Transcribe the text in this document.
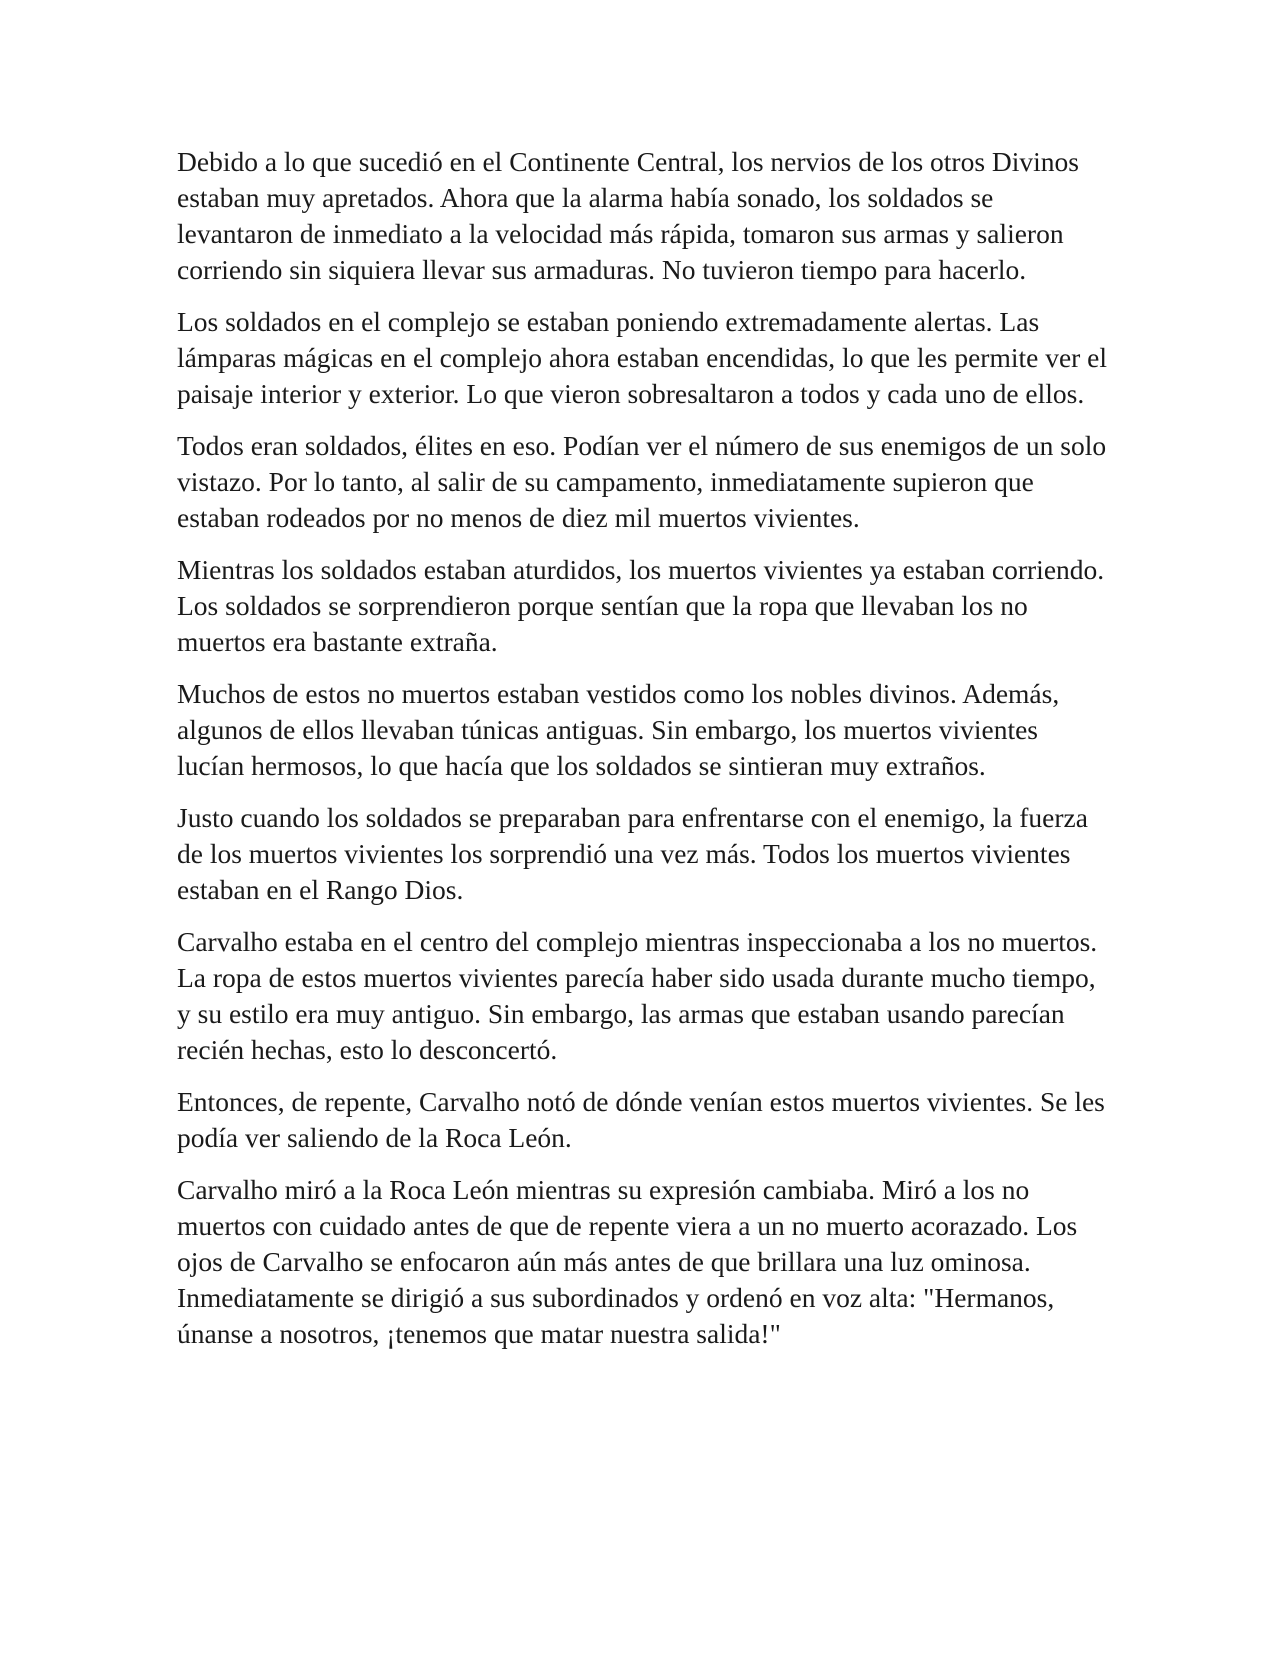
Debido a lo que sucedió en el Continente Central, los nervios de los otros Divinos estaban muy apretados. Ahora que la alarma había sonado, los soldados se levantaron de inmediato a la velocidad más rápida, tomaron sus armas y salieron corriendo sin siquiera llevar sus armaduras. No tuvieron tiempo para hacerlo.

Los soldados en el complejo se estaban poniendo extremadamente alertas. Las lámparas mágicas en el complejo ahora estaban encendidas, lo que les permite ver el paisaje interior y exterior. Lo que vieron sobresaltaron a todos y cada uno de ellos.

Todos eran soldados, élites en eso. Podían ver el número de sus enemigos de un solo vistazo. Por lo tanto, al salir de su campamento, inmediatamente supieron que estaban rodeados por no menos de diez mil muertos vivientes.

Mientras los soldados estaban aturdidos, los muertos vivientes ya estaban corriendo. Los soldados se sorprendieron porque sentían que la ropa que llevaban los no muertos era bastante extraña.

Muchos de estos no muertos estaban vestidos como los nobles divinos. Además, algunos de ellos llevaban túnicas antiguas. Sin embargo, los muertos vivientes lucían hermosos, lo que hacía que los soldados se sintieran muy extraños.

Justo cuando los soldados se preparaban para enfrentarse con el enemigo, la fuerza de los muertos vivientes los sorprendió una vez más. Todos los muertos vivientes estaban en el Rango Dios.

Carvalho estaba en el centro del complejo mientras inspeccionaba a los no muertos. La ropa de estos muertos vivientes parecía haber sido usada durante mucho tiempo, y su estilo era muy antiguo. Sin embargo, las armas que estaban usando parecían recién hechas, esto lo desconcertó.

Entonces, de repente, Carvalho notó de dónde venían estos muertos vivientes. Se les podía ver saliendo de la Roca León.

Carvalho miró a la Roca León mientras su expresión cambiaba. Miró a los no muertos con cuidado antes de que de repente viera a un no muerto acorazado. Los ojos de Carvalho se enfocaron aún más antes de que brillara una luz ominosa. Inmediatamente se dirigió a sus subordinados y ordenó en voz alta: "Hermanos, únanse a nosotros, ¡tenemos que matar nuestra salida!"
